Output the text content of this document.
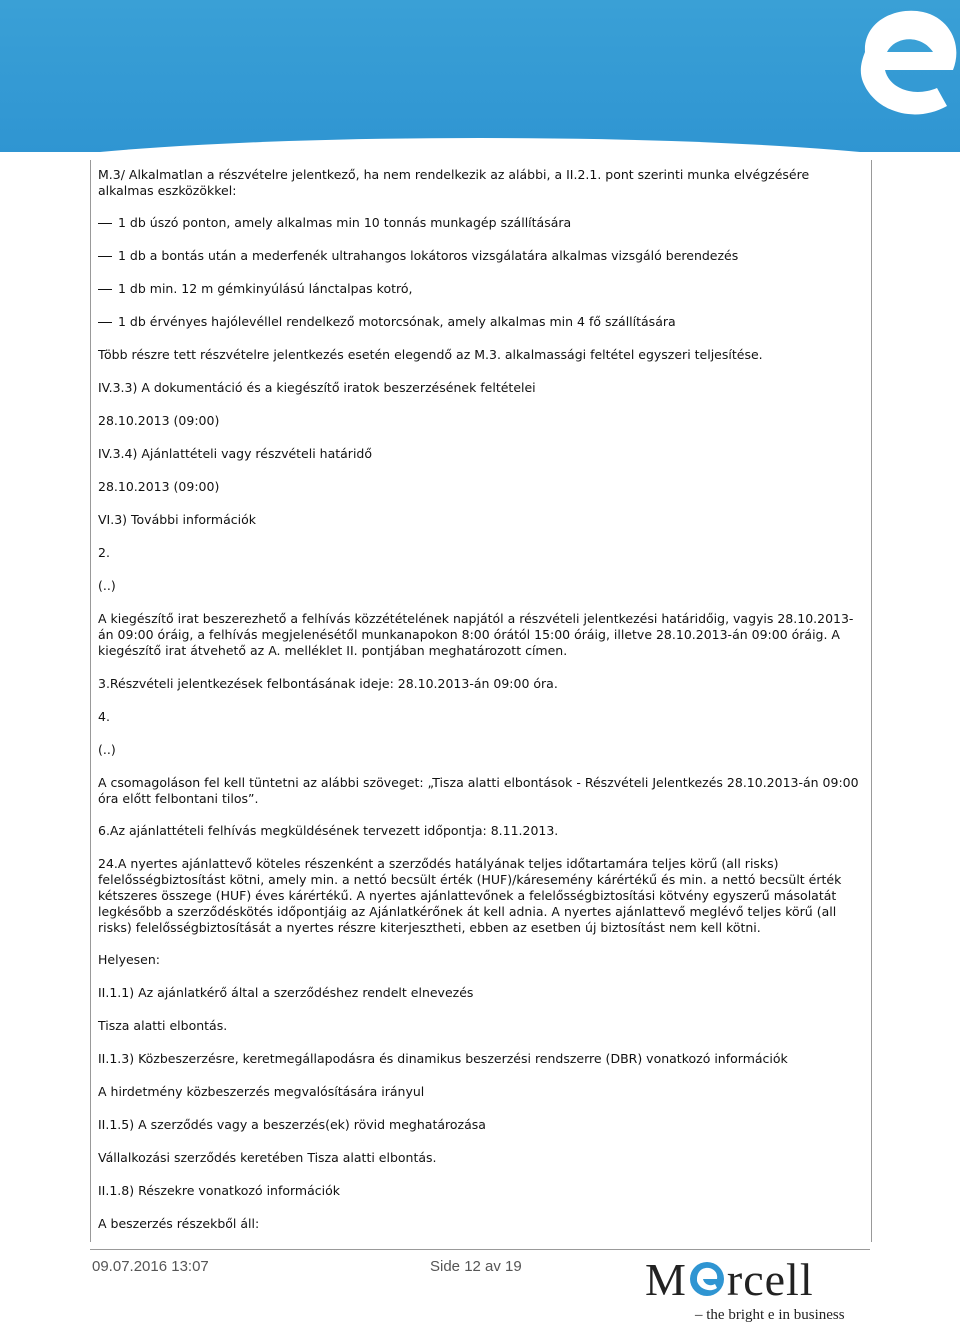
M.3/ Alkalmatlan a részvételre jelentkező, ha nem rendelkezik az alábbi, a II.2.1. pont szerinti munka elvégzésére alkalmas eszközökkel:
1 db úszó ponton, amely alkalmas min 10 tonnás munkagép szállítására
1 db a bontás után a mederfenék ultrahangos lokátoros vizsgálatára alkalmas vizsgáló berendezés
1 db min. 12 m gémkinyúlású lánctalpas kotró,
1 db érvényes hajólevéllel rendelkező motorcsónak, amely alkalmas min 4 fő szállítására
Több részre tett részvételre jelentkezés esetén elegendő az M.3. alkalmassági feltétel egyszeri teljesítése.
IV.3.3) A dokumentáció és a kiegészítő iratok beszerzésének feltételei
28.10.2013 (09:00)
IV.3.4) Ajánlattételi vagy részvételi határidő
28.10.2013 (09:00)
VI.3) További információk
2.
(..)
A kiegészítő irat beszerezhető a felhívás közzétételének napjától a részvételi jelentkezési határidőig, vagyis 28.10.2013-án 09:00 óráig, a felhívás megjelenésétől munkanapokon 8:00 órától 15:00 óráig, illetve 28.10.2013-án 09:00 óráig. A kiegészítő irat átvehető az A. melléklet II. pontjában meghatározott címen.
3.Részvételi jelentkezések felbontásának ideje: 28.10.2013-án 09:00 óra.
4.
(..)
A csomagoláson fel kell tüntetni az alábbi szöveget: „Tisza alatti elbontások - Részvételi Jelentkezés 28.10.2013-án 09:00 óra előtt felbontani tilos”.
6.Az ajánlattételi felhívás megküldésének tervezett időpontja: 8.11.2013.
24.A nyertes ajánlattevő köteles részenként a szerződés hatályának teljes időtartamára teljes körű (all risks) felelősségbiztosítást kötni, amely min. a nettó becsült érték (HUF)/káresemény kárértékű és min. a nettó becsült érték kétszeres összege (HUF) éves kárértékű. A nyertes ajánlattevőnek a felelősségbiztosítási kötvény egyszerű másolatát legkésőbb a szerződéskötés időpontjáig az Ajánlatkérőnek át kell adnia. A nyertes ajánlattevő meglévő teljes körű (all risks) felelősségbiztosítását a nyertes részre kiterjesztheti, ebben az esetben új biztosítást nem kell kötni.
Helyesen:
II.1.1) Az ajánlatkérő által a szerződéshez rendelt elnevezés
Tisza alatti elbontás.
II.1.3) Közbeszerzésre, keretmegállapodásra és dinamikus beszerzési rendszerre (DBR) vonatkozó információk
A hirdetmény közbeszerzés megvalósítására irányul
II.1.5) A szerződés vagy a beszerzés(ek) rövid meghatározása
Vállalkozási szerződés keretében Tisza alatti elbontás.
II.1.8) Részekre vonatkozó információk
A beszerzés részekből áll:
09.07.2016 13:07	Side 12 av 19	M rcell
– the bright e in business
